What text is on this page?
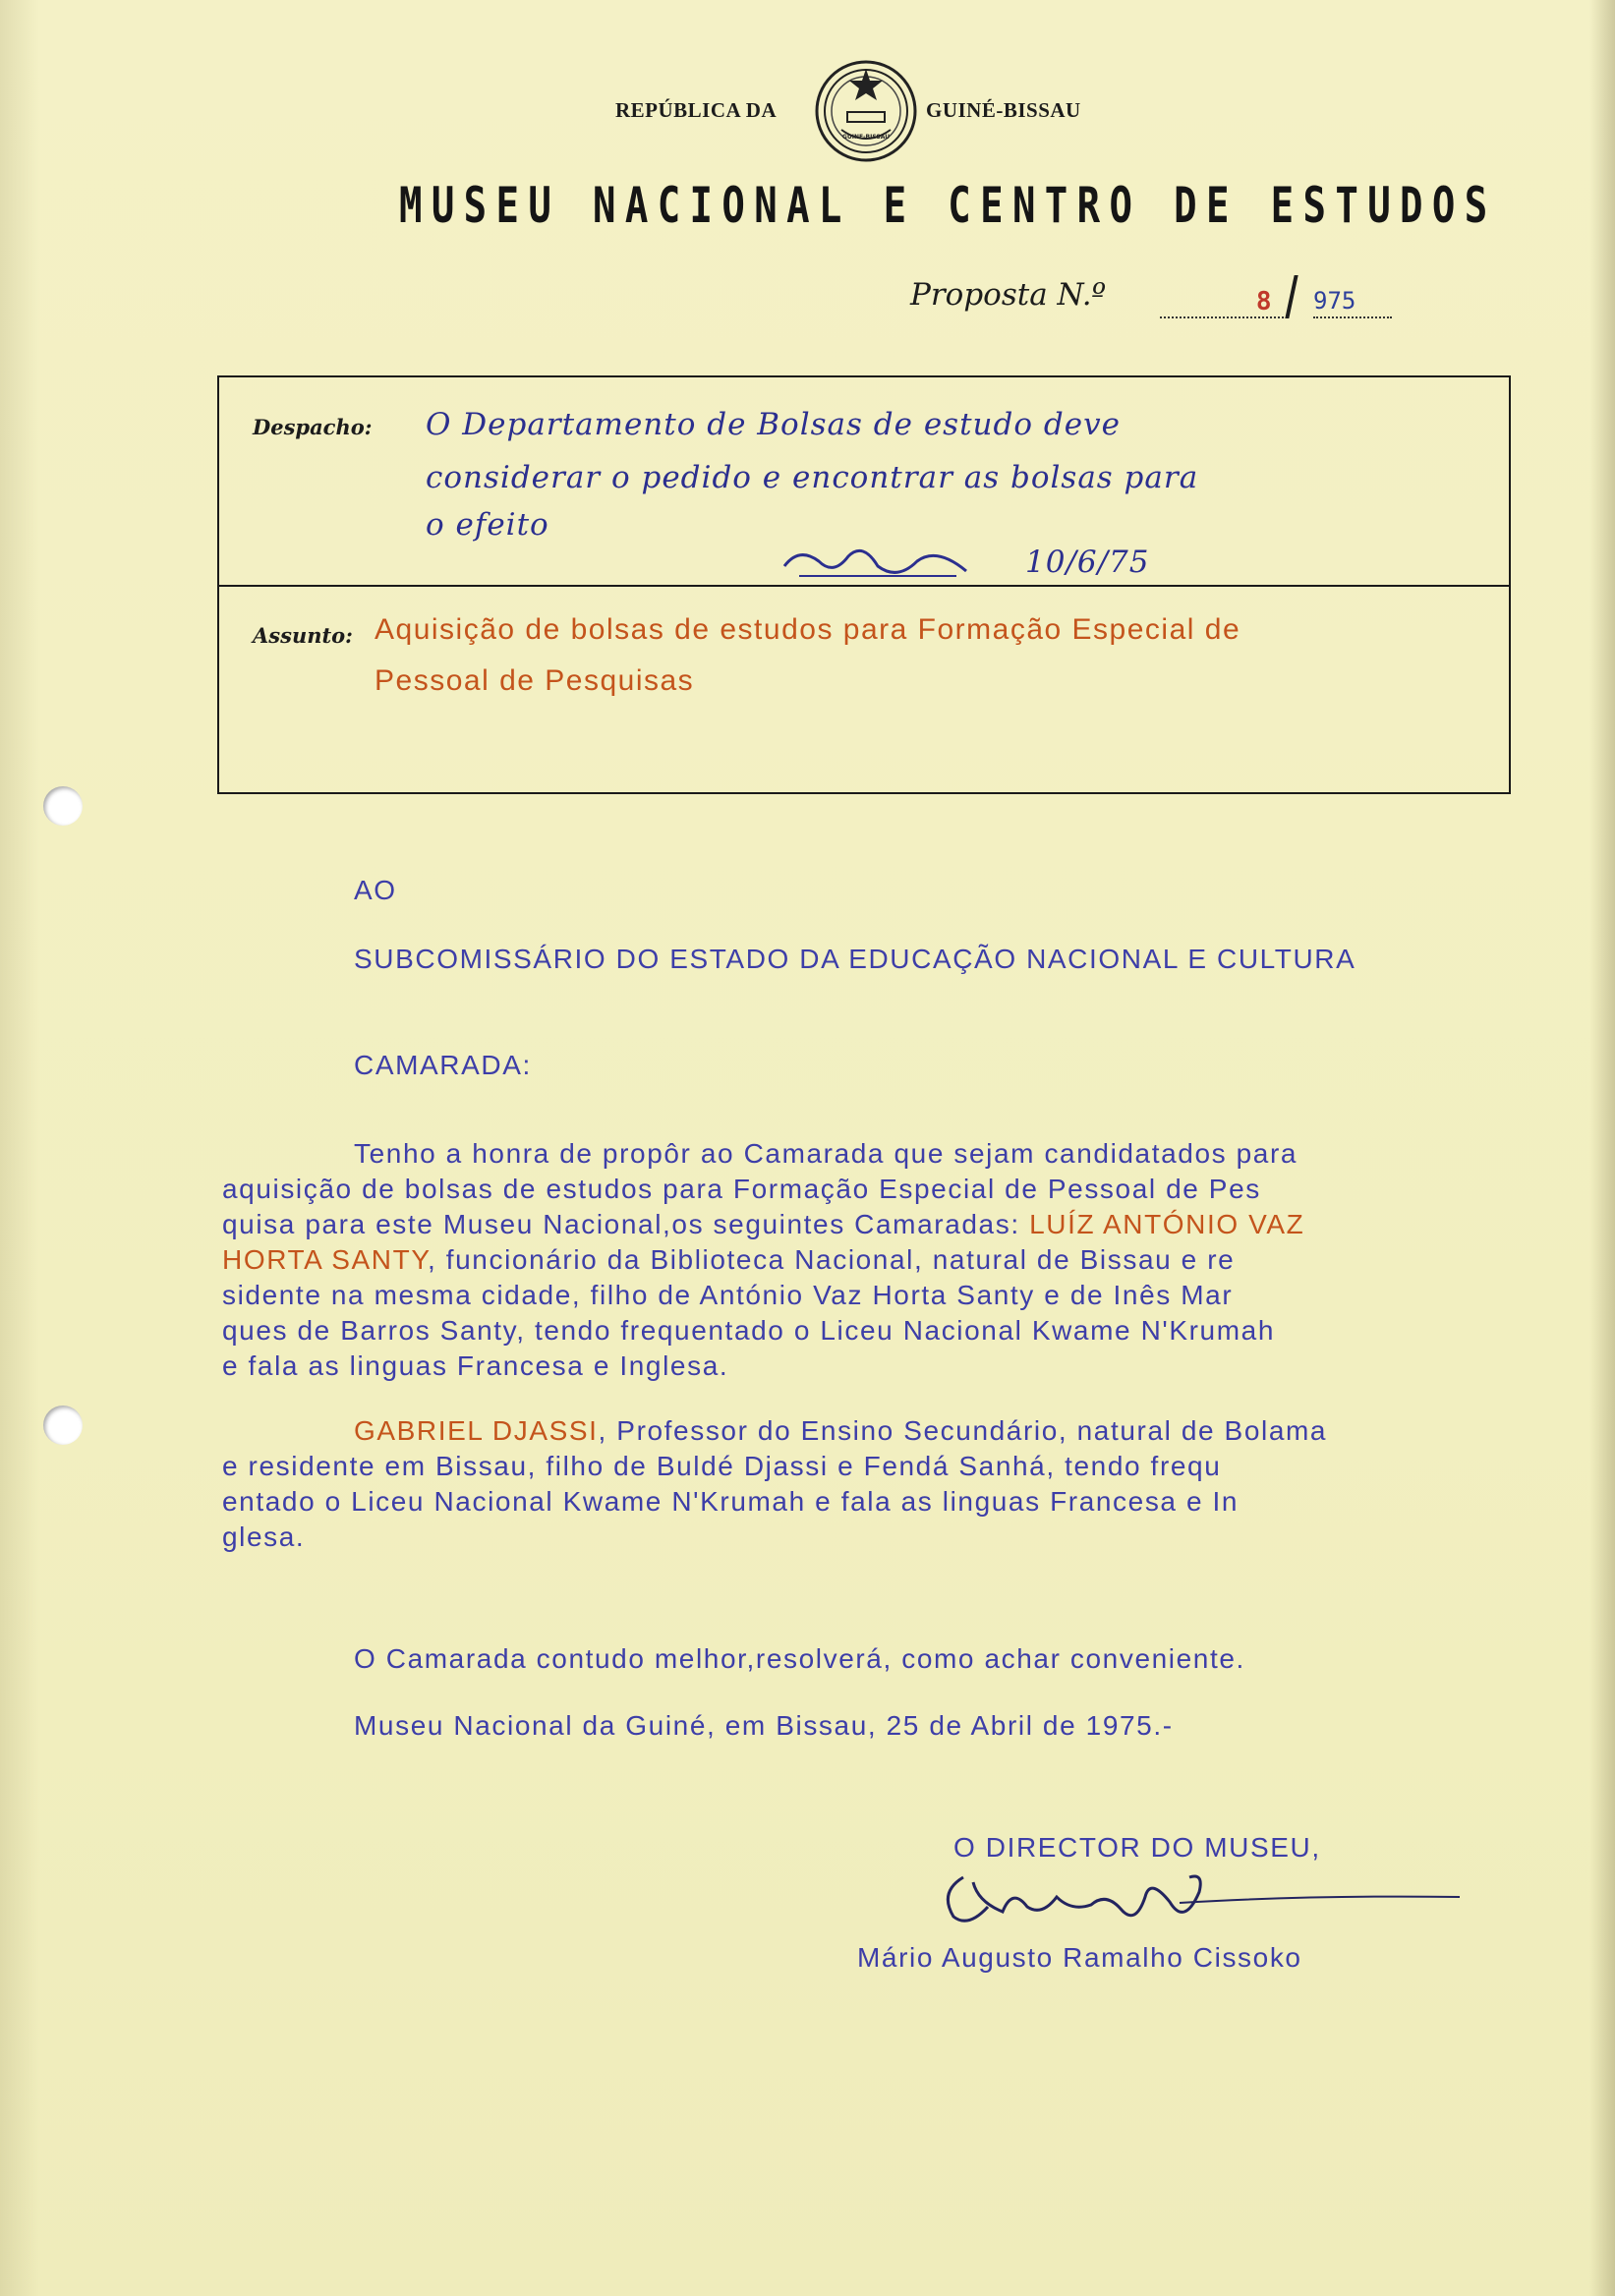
REPÚBLICA DA
GUINÉ-BISSAU
GUINÉ-BISSAU
MUSEU NACIONAL E CENTRO DE ESTUDOS
Proposta N.º	8	975
Despacho: O Departamento de Bolsas de estudo deve
considerar o pedido e encontrar as bolsas para
o efeito
10/6/75
Assunto: Aquisição de bolsas de estudos para Formação Especial de
Pessoal de Pesquisas
AO
SUBCOMISSÁRIO DO ESTADO DA EDUCAÇÃO NACIONAL E CULTURA
CAMARADA:
Tenho a honra de propôr ao Camarada que sejam candidatados para
aquisição de bolsas de estudos para Formação Especial de Pessoal de Pes
quisa para este Museu Nacional,os seguintes Camaradas: LUÍZ ANTÓNIO VAZ
HORTA SANTY, funcionário da Biblioteca Nacional, natural de Bissau e re
sidente na mesma cidade, filho de António Vaz Horta Santy e de Inês Mar
ques de Barros Santy, tendo frequentado o Liceu Nacional Kwame N'Krumah
e fala as linguas Francesa e Inglesa.
GABRIEL DJASSI, Professor do Ensino Secundário, natural de Bolama
e residente em Bissau, filho de Buldé Djassi e Fendá Sanhá, tendo frequ
entado o Liceu Nacional Kwame N'Krumah e fala as linguas Francesa e In
glesa.
O Camarada contudo melhor,resolverá, como achar conveniente.
Museu Nacional da Guiné, em Bissau, 25 de Abril de 1975.-
O DIRECTOR DO MUSEU,
Mário Augusto Ramalho Cissoko
